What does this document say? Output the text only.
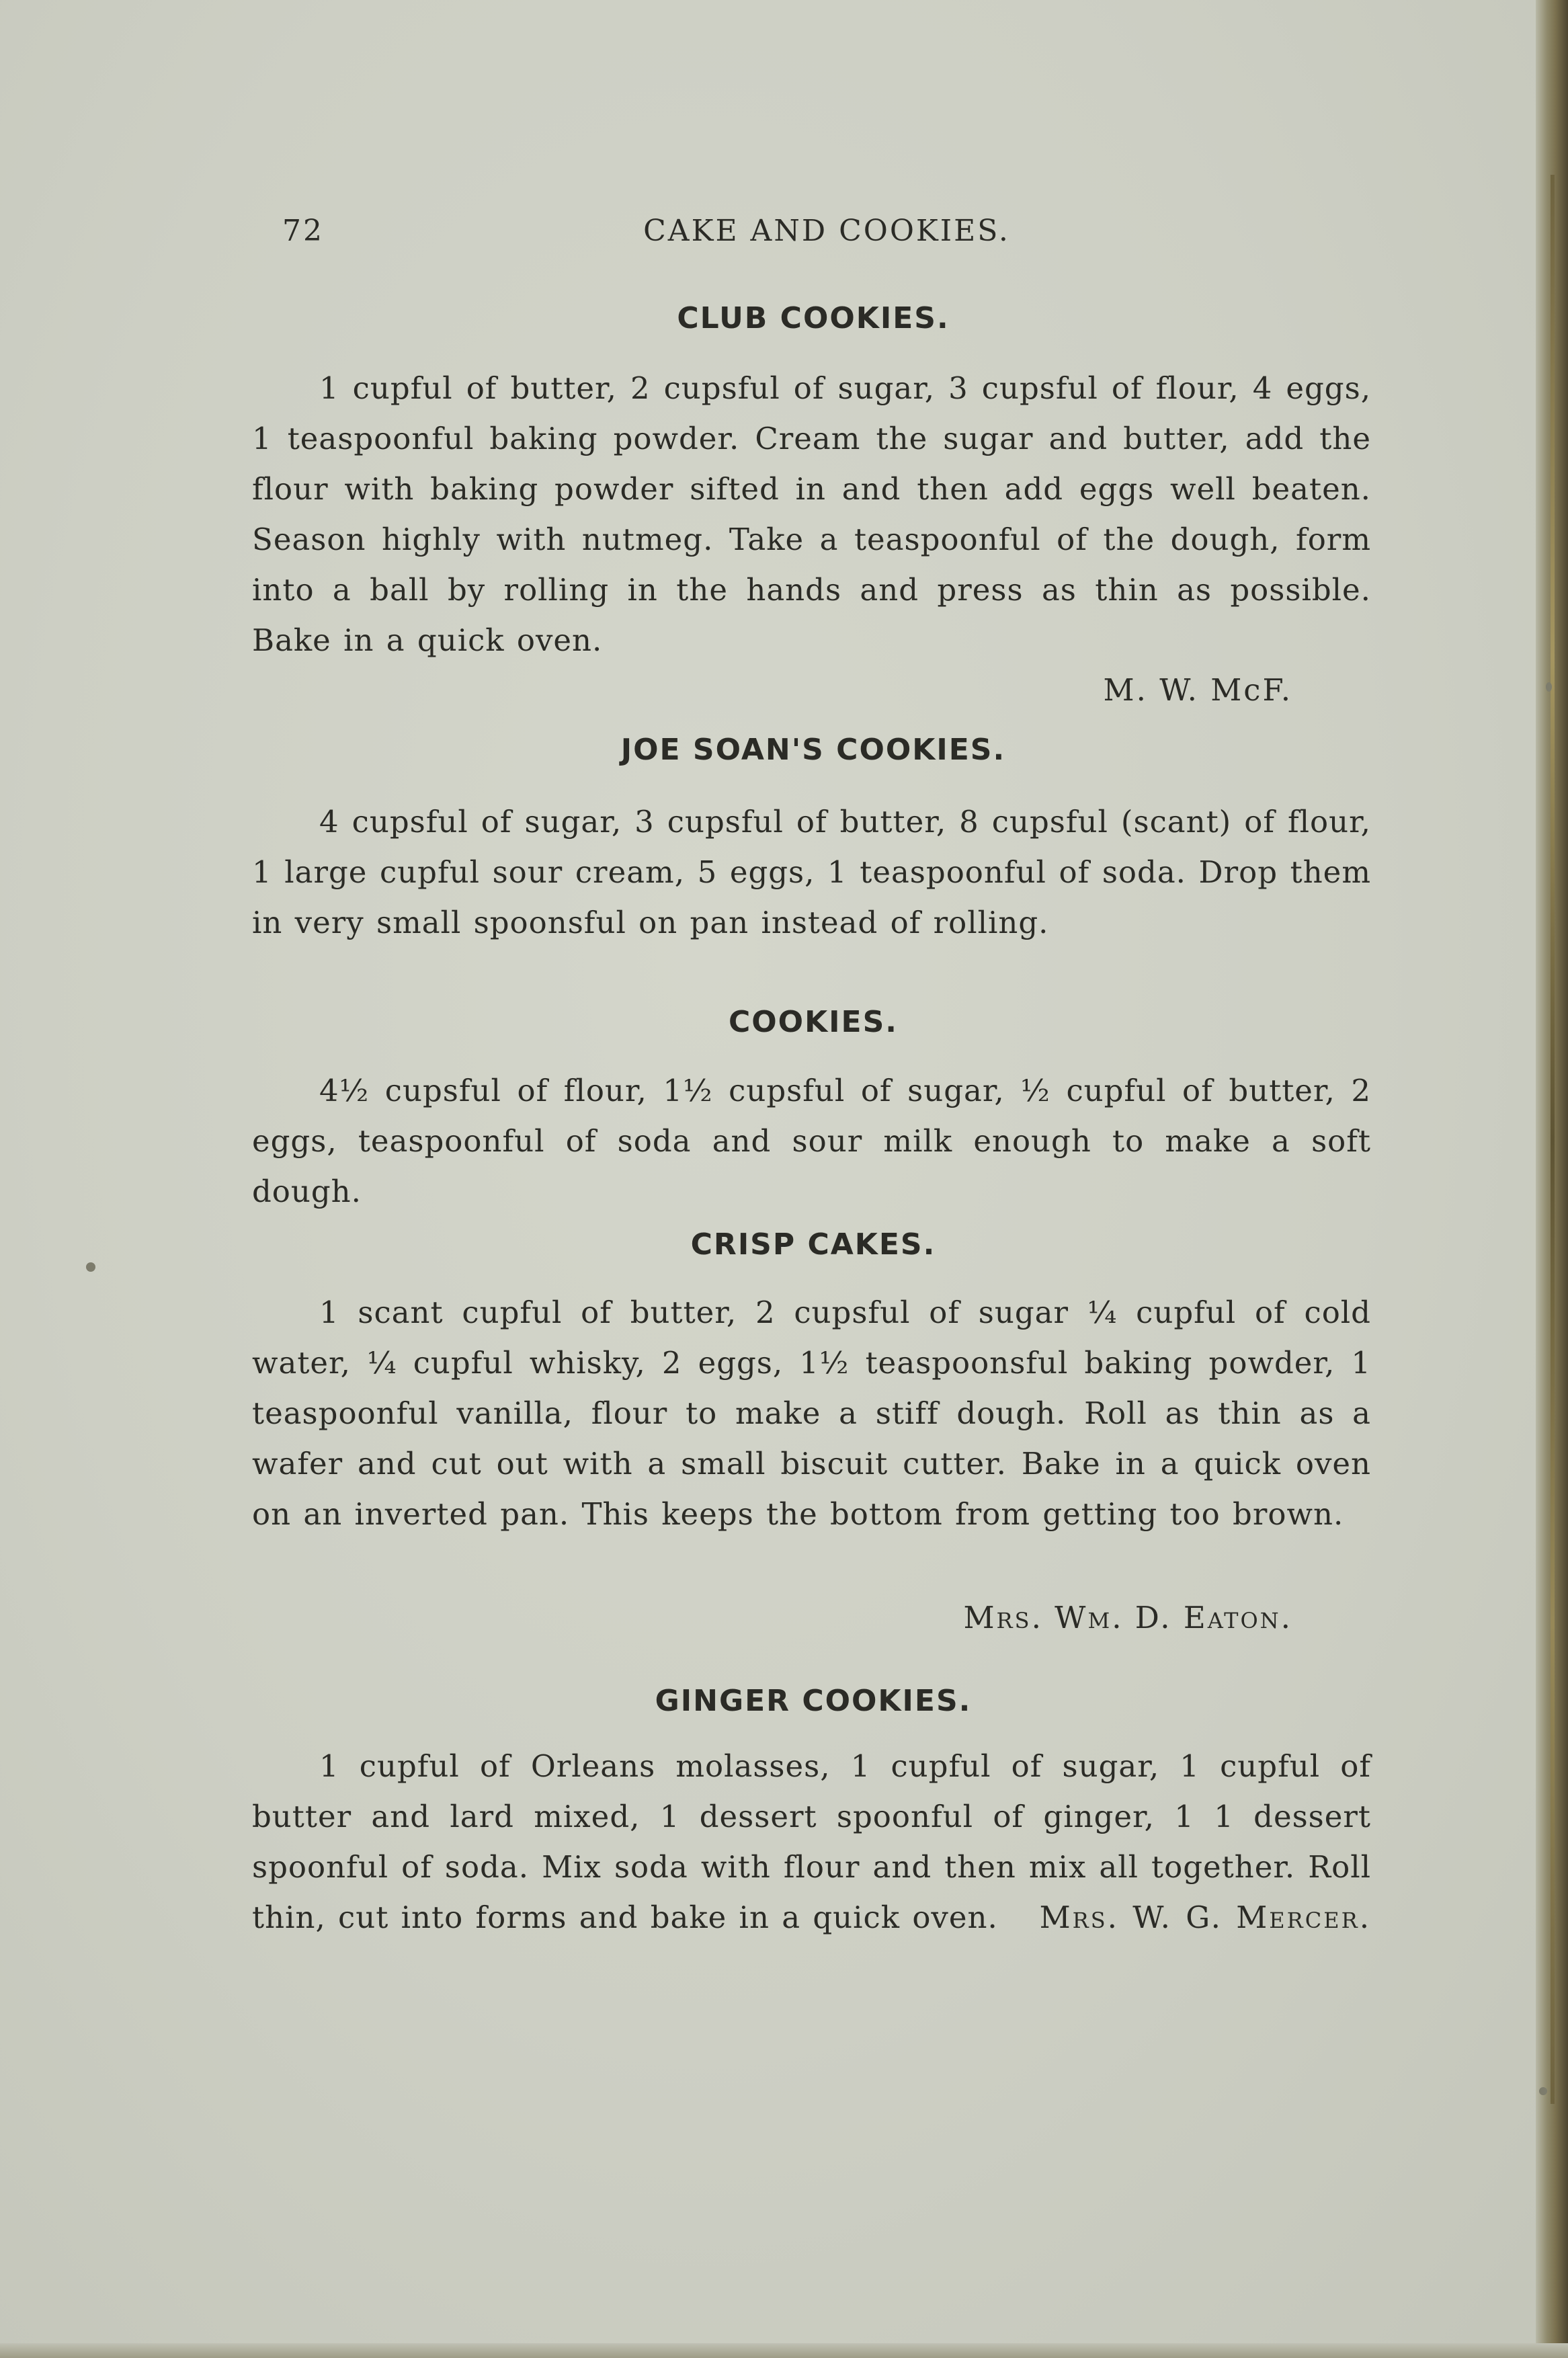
72	CAKE AND COOKIES.
CLUB COOKIES.
1 cupful of butter, 2 cupsful of sugar, 3 cupsful of flour, 4 eggs, 1 teaspoonful baking powder. Cream the sugar and butter, add the flour with baking powder sifted in and then add eggs well beaten. Season highly with nutmeg. Take a teaspoonful of the dough, form into a ball by rolling in the hands and press as thin as possible. Bake in a quick oven.
M. W. McF.
JOE SOAN'S COOKIES.
4 cupsful of sugar, 3 cupsful of butter, 8 cupsful (scant) of flour, 1 large cupful sour cream, 5 eggs, 1 teaspoonful of soda. Drop them in very small spoonsful on pan instead of rolling.
COOKIES.
4½ cupsful of flour, 1½ cupsful of sugar, ½ cupful of butter, 2 eggs, teaspoonful of soda and sour milk enough to make a soft dough.
CRISP CAKES.
1 scant cupful of butter, 2 cupsful of sugar ¼ cupful of cold water, ¼ cupful whisky, 2 eggs, 1½ teaspoonsful baking powder, 1 teaspoonful vanilla, flour to make a stiff dough. Roll as thin as a wafer and cut out with a small biscuit cutter. Bake in a quick oven on an inverted pan. This keeps the bottom from getting too brown.
Mrs. Wm. D. Eaton.
GINGER COOKIES.
1 cupful of Orleans molasses, 1 cupful of sugar, 1 cupful of butter and lard mixed, 1 dessert spoonful of ginger, 1 1 dessert spoonful of soda. Mix soda with flour and then mix all together. Roll thin, cut into forms and bake in a quick oven. Mrs. W. G. Mercer.
